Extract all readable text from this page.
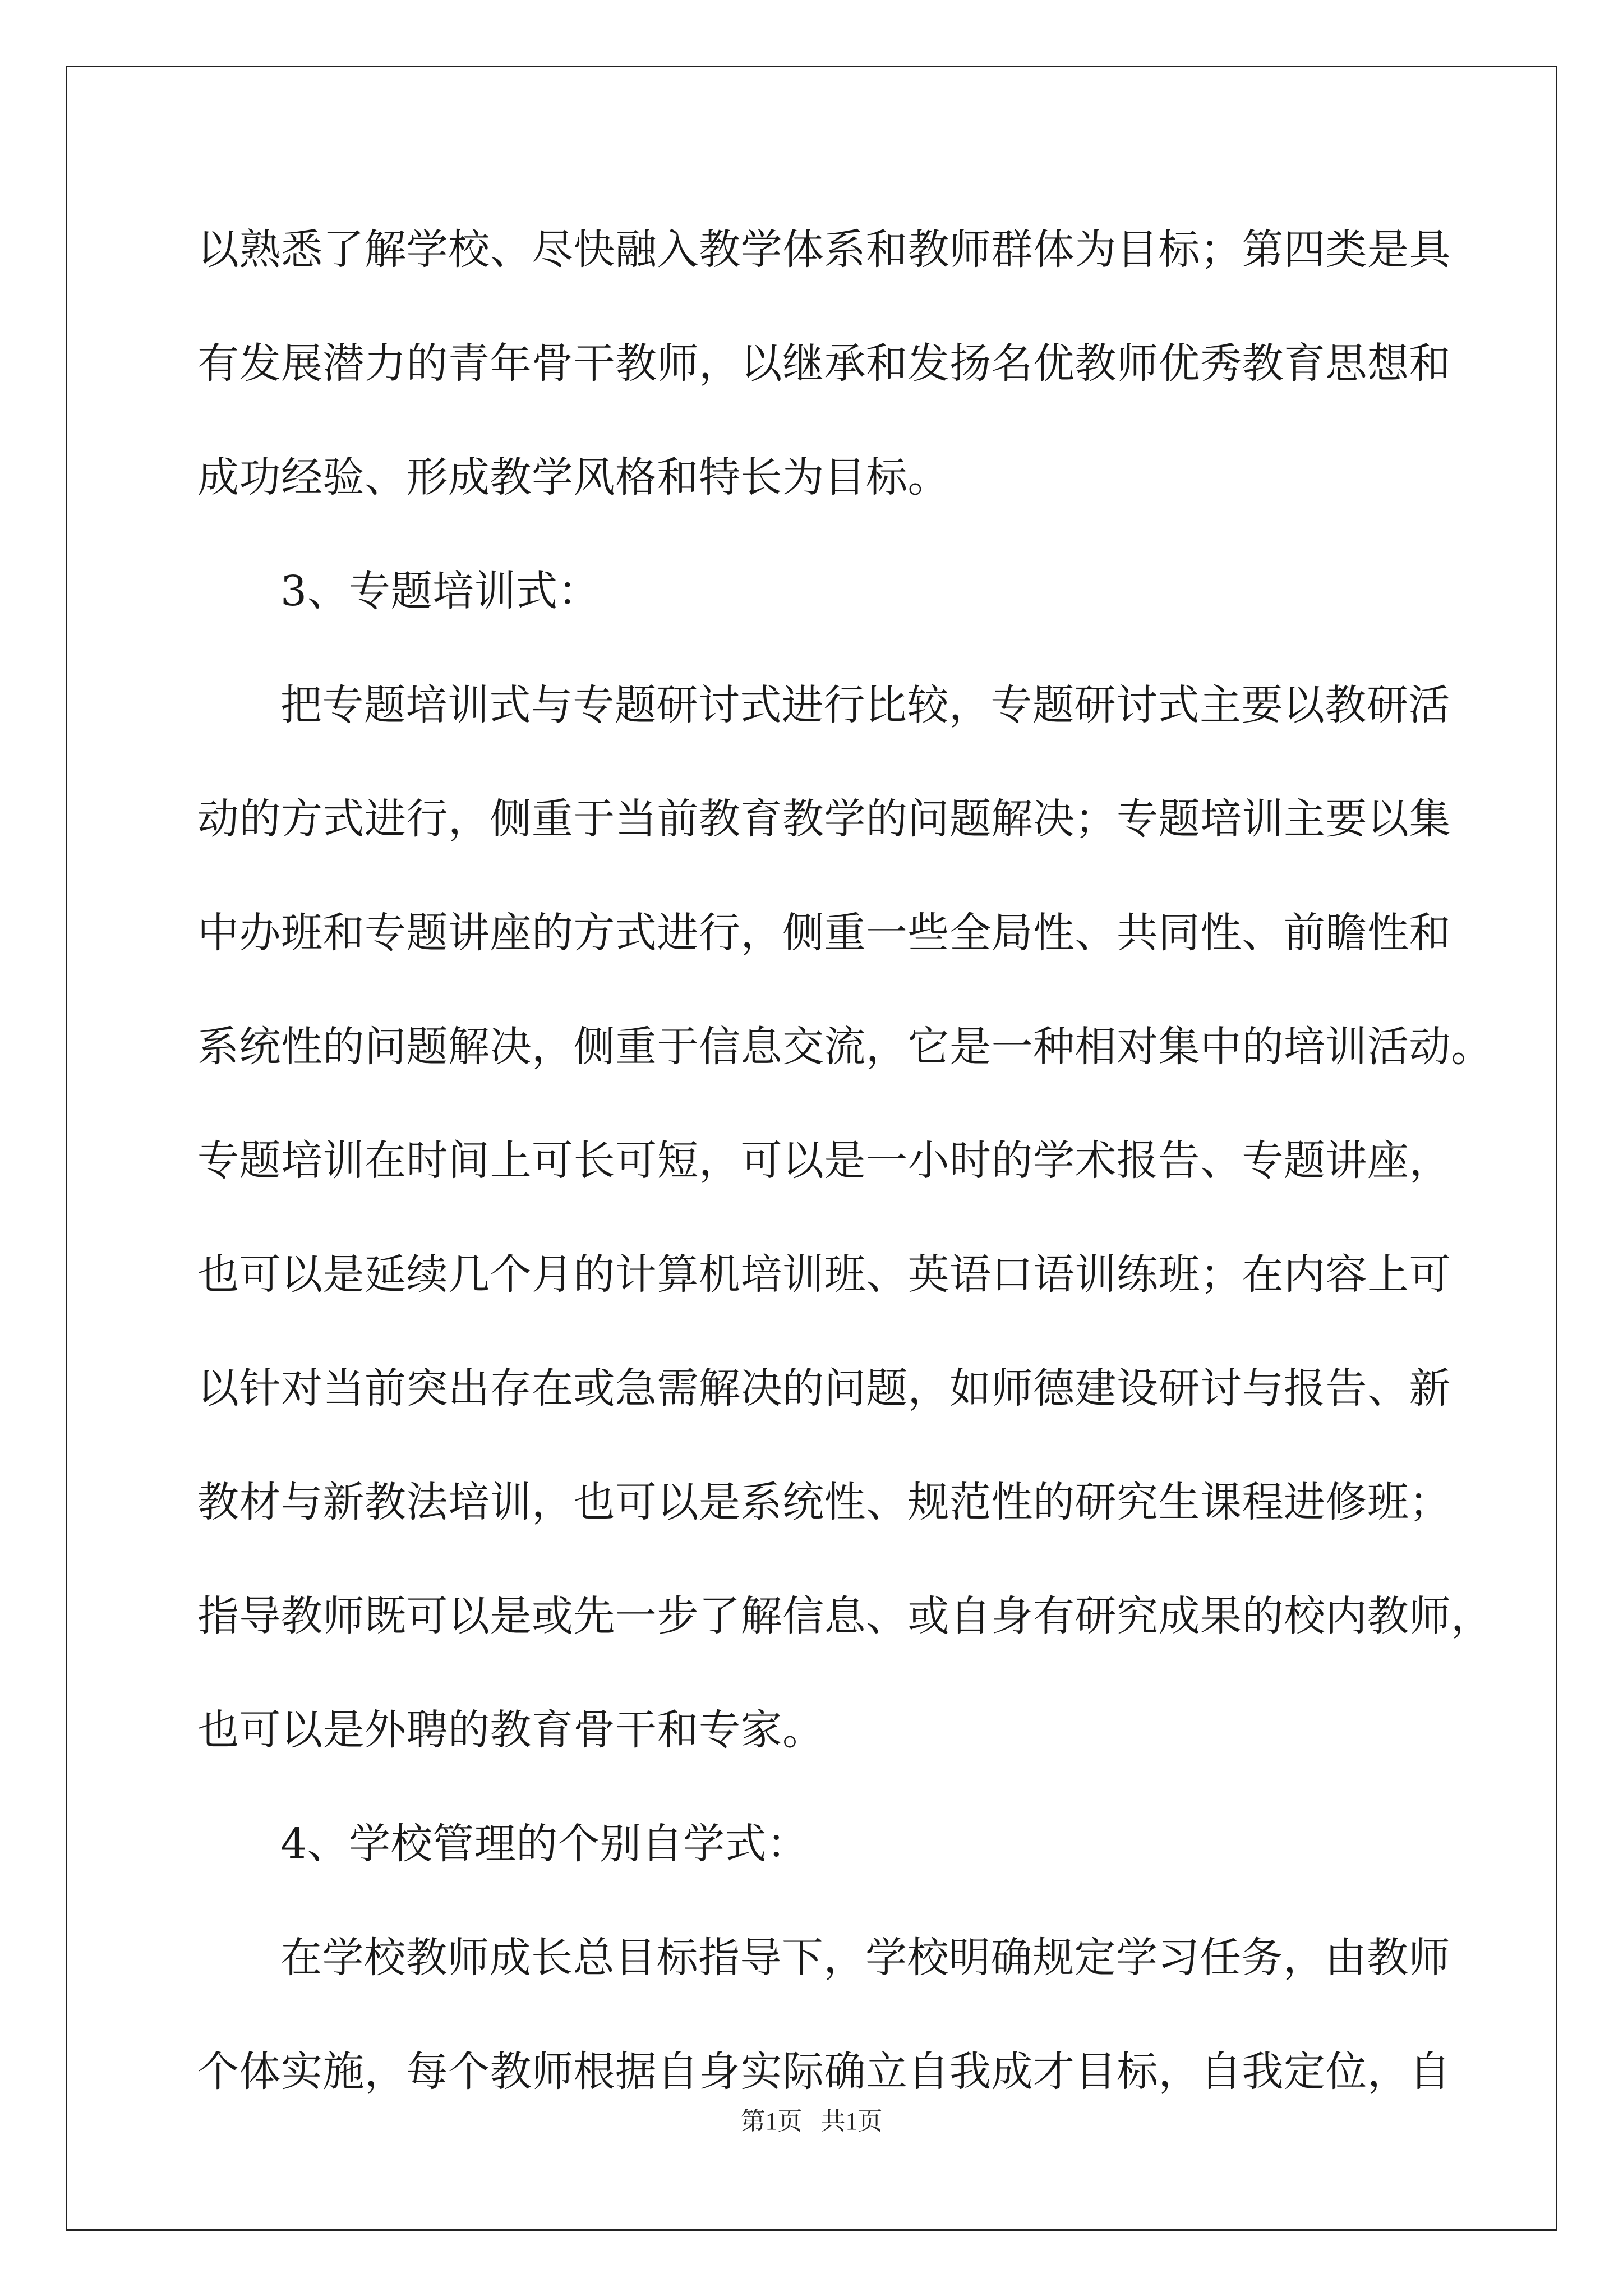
以熟悉了解学校、尽快融入教学体系和教师群体为目标；第四类是具
有发展潜力的青年骨干教师，以继承和发扬名优教师优秀教育思想和
成功经验、形成教学风格和特长为目标。
3、专题培训式：
把专题培训式与专题研讨式进行比较，专题研讨式主要以教研活
动的方式进行，侧重于当前教育教学的问题解决；专题培训主要以集
中办班和专题讲座的方式进行，侧重一些全局性、共同性、前瞻性和
系统性的问题解决，侧重于信息交流，它是一种相对集中的培训活动。
专题培训在时间上可长可短，可以是一小时的学术报告、专题讲座，
也可以是延续几个月的计算机培训班、英语口语训练班；在内容上可
以针对当前突出存在或急需解决的问题，如师德建设研讨与报告、新
教材与新教法培训，也可以是系统性、规范性的研究生课程进修班；
指导教师既可以是或先一步了解信息、或自身有研究成果的校内教师，
也可以是外聘的教育骨干和专家。
4、学校管理的个别自学式：
在学校教师成长总目标指导下，学校明确规定学习任务，由教师
个体实施，每个教师根据自身实际确立自我成才目标，自我定位，自
第1页   共1页
